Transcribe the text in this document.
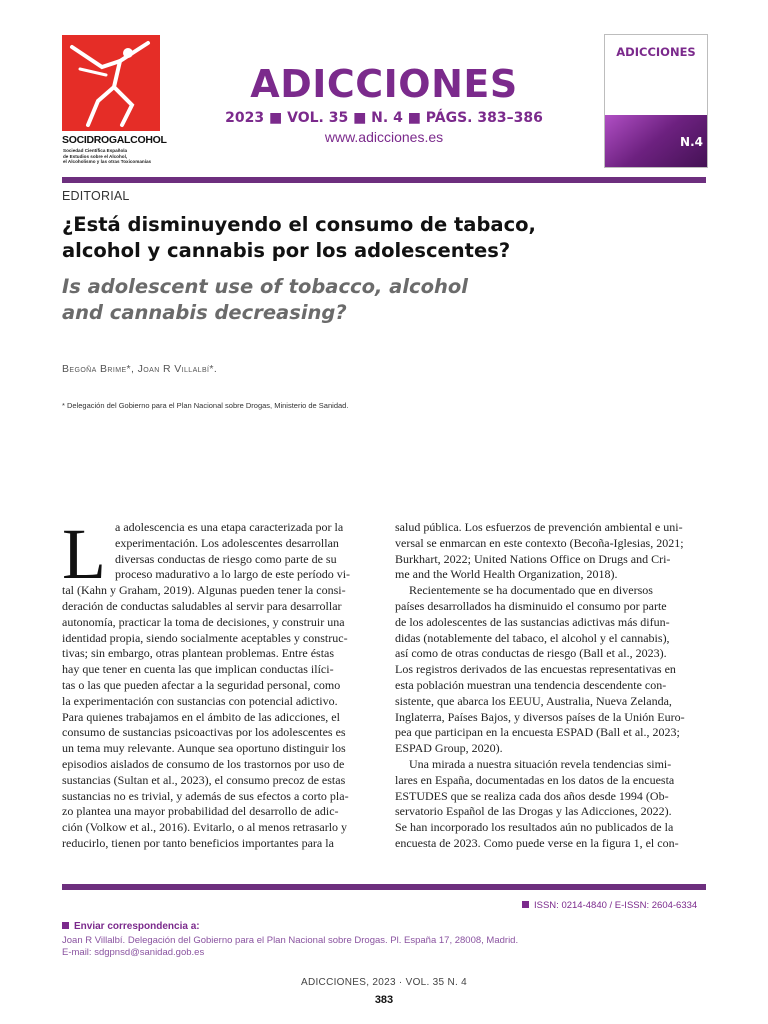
SOCIDROGALCOHOL
Sociedad Científica Española
de Estudios sobre el Alcohol,
el Alcoholismo y las otras Toxicomanías
ADICCIONES
2023 ■ VOL. 35 ■ N. 4 ■ PÁGS. 383–386
www.adicciones.es
ADICCIONES
N.4
EDITORIAL
¿Está disminuyendo el consumo de tabaco,
alcohol y cannabis por los adolescentes?
Is adolescent use of tobacco, alcohol
and cannabis decreasing?
Begoña Brime*, Joan R Villalbí*.
* Delegación del Gobierno para el Plan Nacional sobre Drogas, Ministerio de Sanidad.
L a adolescencia es una etapa caracterizada por la
experimentación. Los adolescentes desarrollan
diversas conductas de riesgo como parte de su
proceso madurativo a lo largo de este período vi-
tal (Kahn y Graham, 2019). Algunas pueden tener la consi-
deración de conductas saludables al servir para desarrollar
autonomía, practicar la toma de decisiones, y construir una
identidad propia, siendo socialmente aceptables y construc-
tivas; sin embargo, otras plantean problemas. Entre éstas
hay que tener en cuenta las que implican conductas ilíci-
tas o las que pueden afectar a la seguridad personal, como
la experimentación con sustancias con potencial adictivo.
Para quienes trabajamos en el ámbito de las adicciones, el
consumo de sustancias psicoactivas por los adolescentes es
un tema muy relevante. Aunque sea oportuno distinguir los
episodios aislados de consumo de los trastornos por uso de
sustancias (Sultan et al., 2023), el consumo precoz de estas
sustancias no es trivial, y además de sus efectos a corto pla-
zo plantea una mayor probabilidad del desarrollo de adic-
ción (Volkow et al., 2016). Evitarlo, o al menos retrasarlo y
reducirlo, tienen por tanto beneficios importantes para la
salud pública. Los esfuerzos de prevención ambiental e uni-
versal se enmarcan en este contexto (Becoña-Iglesias, 2021;
Burkhart, 2022; United Nations Office on Drugs and Cri-
me and the World Health Organization, 2018).
Recientemente se ha documentado que en diversos
países desarrollados ha disminuido el consumo por parte
de los adolescentes de las sustancias adictivas más difun-
didas (notablemente del tabaco, el alcohol y el cannabis),
así como de otras conductas de riesgo (Ball et al., 2023).
Los registros derivados de las encuestas representativas en
esta población muestran una tendencia descendente con-
sistente, que abarca los EEUU, Australia, Nueva Zelanda,
Inglaterra, Países Bajos, y diversos países de la Unión Euro-
pea que participan en la encuesta ESPAD (Ball et al., 2023;
ESPAD Group, 2020).
Una mirada a nuestra situación revela tendencias simi-
lares en España, documentadas en los datos de la encuesta
ESTUDES que se realiza cada dos años desde 1994 (Ob-
servatorio Español de las Drogas y las Adicciones, 2022).
Se han incorporado los resultados aún no publicados de la
encuesta de 2023. Como puede verse en la figura 1, el con-
ISSN: 0214-4840 / E-ISSN: 2604-6334
Enviar correspondencia a:
Joan R Villalbí. Delegación del Gobierno para el Plan Nacional sobre Drogas. Pl. España 17, 28008, Madrid.
E-mail: sdgpnsd@sanidad.gob.es
ADICCIONES, 2023 · VOL. 35 N. 4
383
